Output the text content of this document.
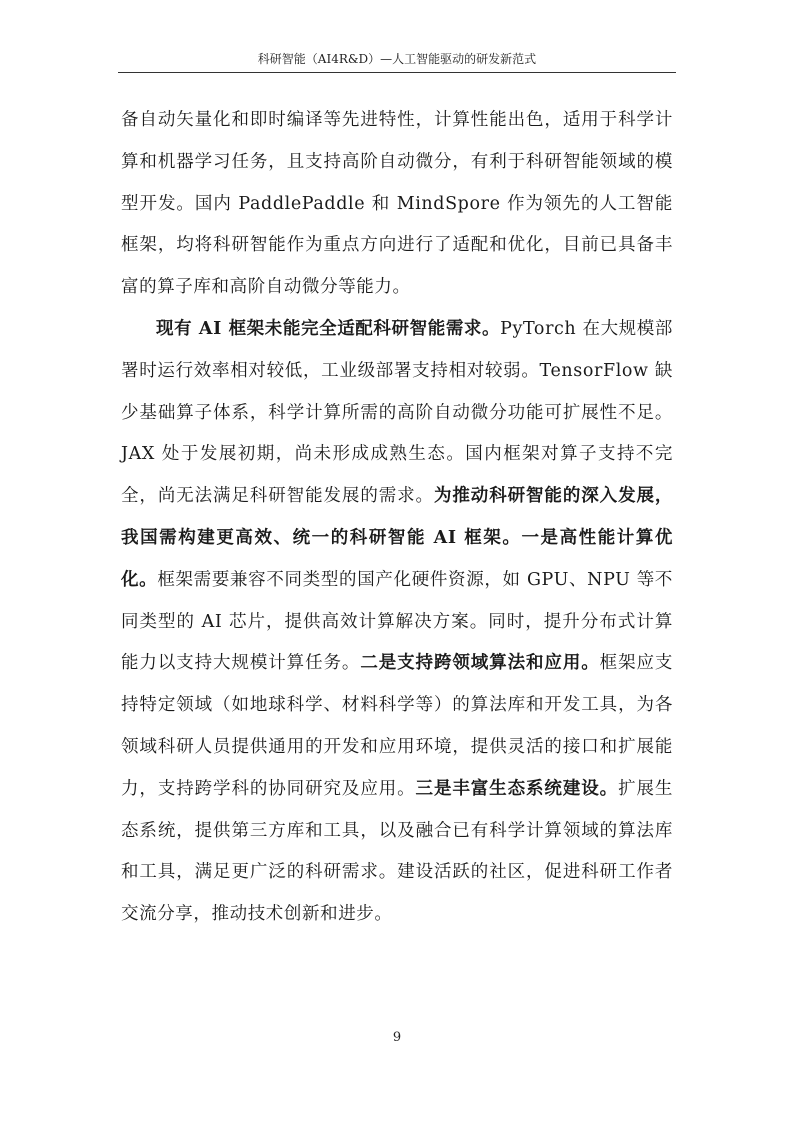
科研智能（AI4R&D）—人工智能驱动的研发新范式

备自动矢量化和即时编译等先进特性，计算性能出色，适用于科学计算和机器学习任务，且支持高阶自动微分，有利于科研智能领域的模型开发。国内 PaddlePaddle 和 MindSpore 作为领先的人工智能框架，均将科研智能作为重点方向进行了适配和优化，目前已具备丰富的算子库和高阶自动微分等能力。

现有 AI 框架未能完全适配科研智能需求。PyTorch 在大规模部署时运行效率相对较低，工业级部署支持相对较弱。TensorFlow 缺少基础算子体系，科学计算所需的高阶自动微分功能可扩展性不足。JAX 处于发展初期，尚未形成成熟生态。国内框架对算子支持不完全，尚无法满足科研智能发展的需求。为推动科研智能的深入发展，我国需构建更高效、统一的科研智能 AI 框架。一是高性能计算优化。框架需要兼容不同类型的国产化硬件资源，如 GPU、NPU 等不同类型的 AI 芯片，提供高效计算解决方案。同时，提升分布式计算能力以支持大规模计算任务。二是支持跨领域算法和应用。框架应支持特定领域（如地球科学、材料科学等）的算法库和开发工具，为各领域科研人员提供通用的开发和应用环境，提供灵活的接口和扩展能力，支持跨学科的协同研究及应用。三是丰富生态系统建设。扩展生态系统，提供第三方库和工具，以及融合已有科学计算领域的算法库和工具，满足更广泛的科研需求。建设活跃的社区，促进科研工作者交流分享，推动技术创新和进步。

9
